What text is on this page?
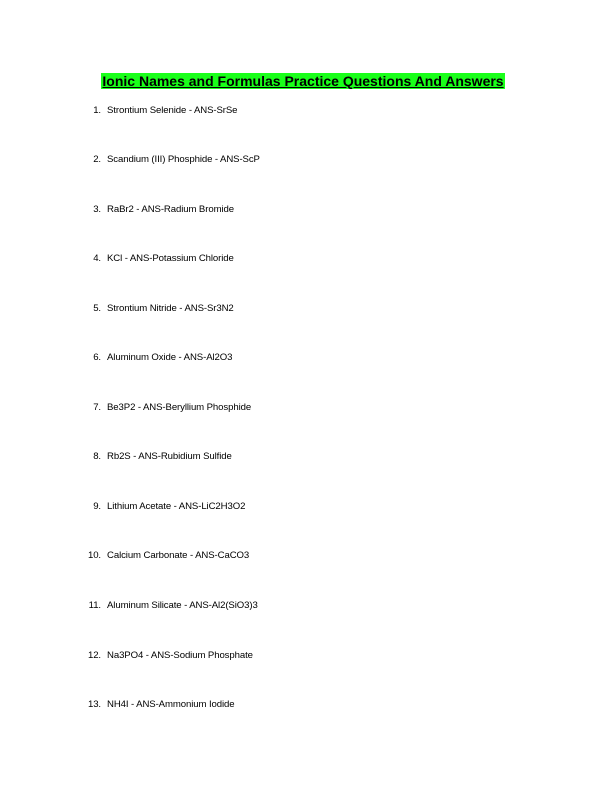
Ionic Names and Formulas Practice Questions And Answers
1. Strontium Selenide - ANS-SrSe
2. Scandium (III) Phosphide - ANS-ScP
3. RaBr2 - ANS-Radium Bromide
4. KCl - ANS-Potassium Chloride
5. Strontium Nitride - ANS-Sr3N2
6. Aluminum Oxide - ANS-Al2O3
7. Be3P2 - ANS-Beryllium Phosphide
8. Rb2S - ANS-Rubidium Sulfide
9. Lithium Acetate - ANS-LiC2H3O2
10. Calcium Carbonate - ANS-CaCO3
11. Aluminum Silicate - ANS-Al2(SiO3)3
12. Na3PO4 - ANS-Sodium Phosphate
13. NH4I - ANS-Ammonium Iodide
